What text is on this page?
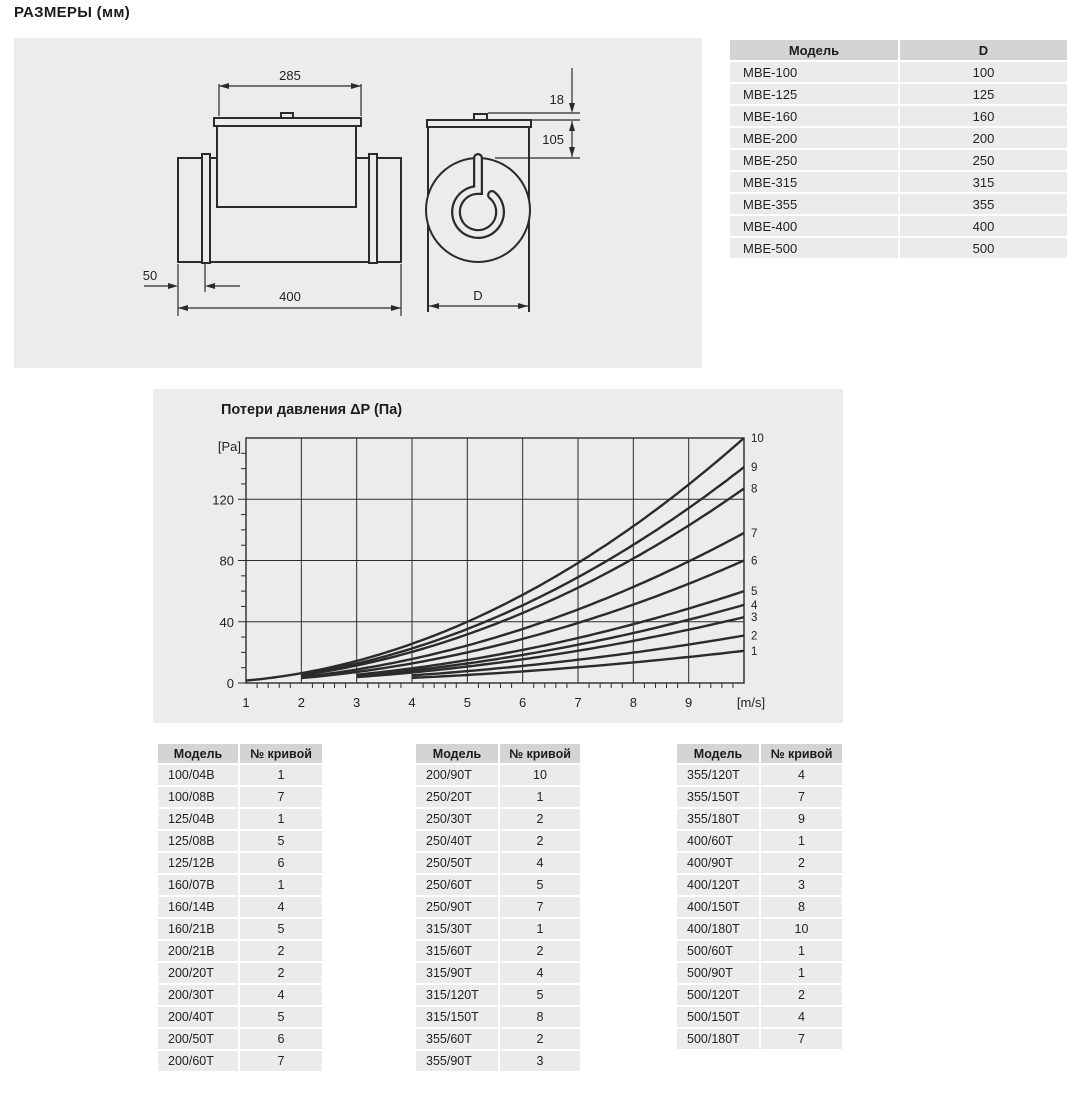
РАЗМЕРЫ (мм)
285
50
400
18
105
D
Модель	D
MBE-100	100
MBE-125	125
MBE-160	160
MBE-200	200
MBE-250	250
MBE-315	315
MBE-355	355
MBE-400	400
MBE-500	500
Потери давления ΔP (Па)
0
40
80
120
1	2	3	4	5	6	7	8	9	[m/s]
[Pa]
1
2
3
4
5
6
7
8
9
10
Модель	№ кривой
100/04B	1
100/08B	7
125/04B	1
125/08B	5
125/12B	6
160/07B	1
160/14B	4
160/21B	5
200/21B	2
200/20T	2
200/30T	4
200/40T	5
200/50T	6
200/60T	7
Модель	№ кривой
200/90T	10
250/20T	1
250/30T	2
250/40T	2
250/50T	4
250/60T	5
250/90T	7
315/30T	1
315/60T	2
315/90T	4
315/120T	5
315/150T	8
355/60T	2
355/90T	3
Модель	№ кривой
355/120T	4
355/150T	7
355/180T	9
400/60T	1
400/90T	2
400/120T	3
400/150T	8
400/180T	10
500/60T	1
500/90T	1
500/120T	2
500/150T	4
500/180T	7
